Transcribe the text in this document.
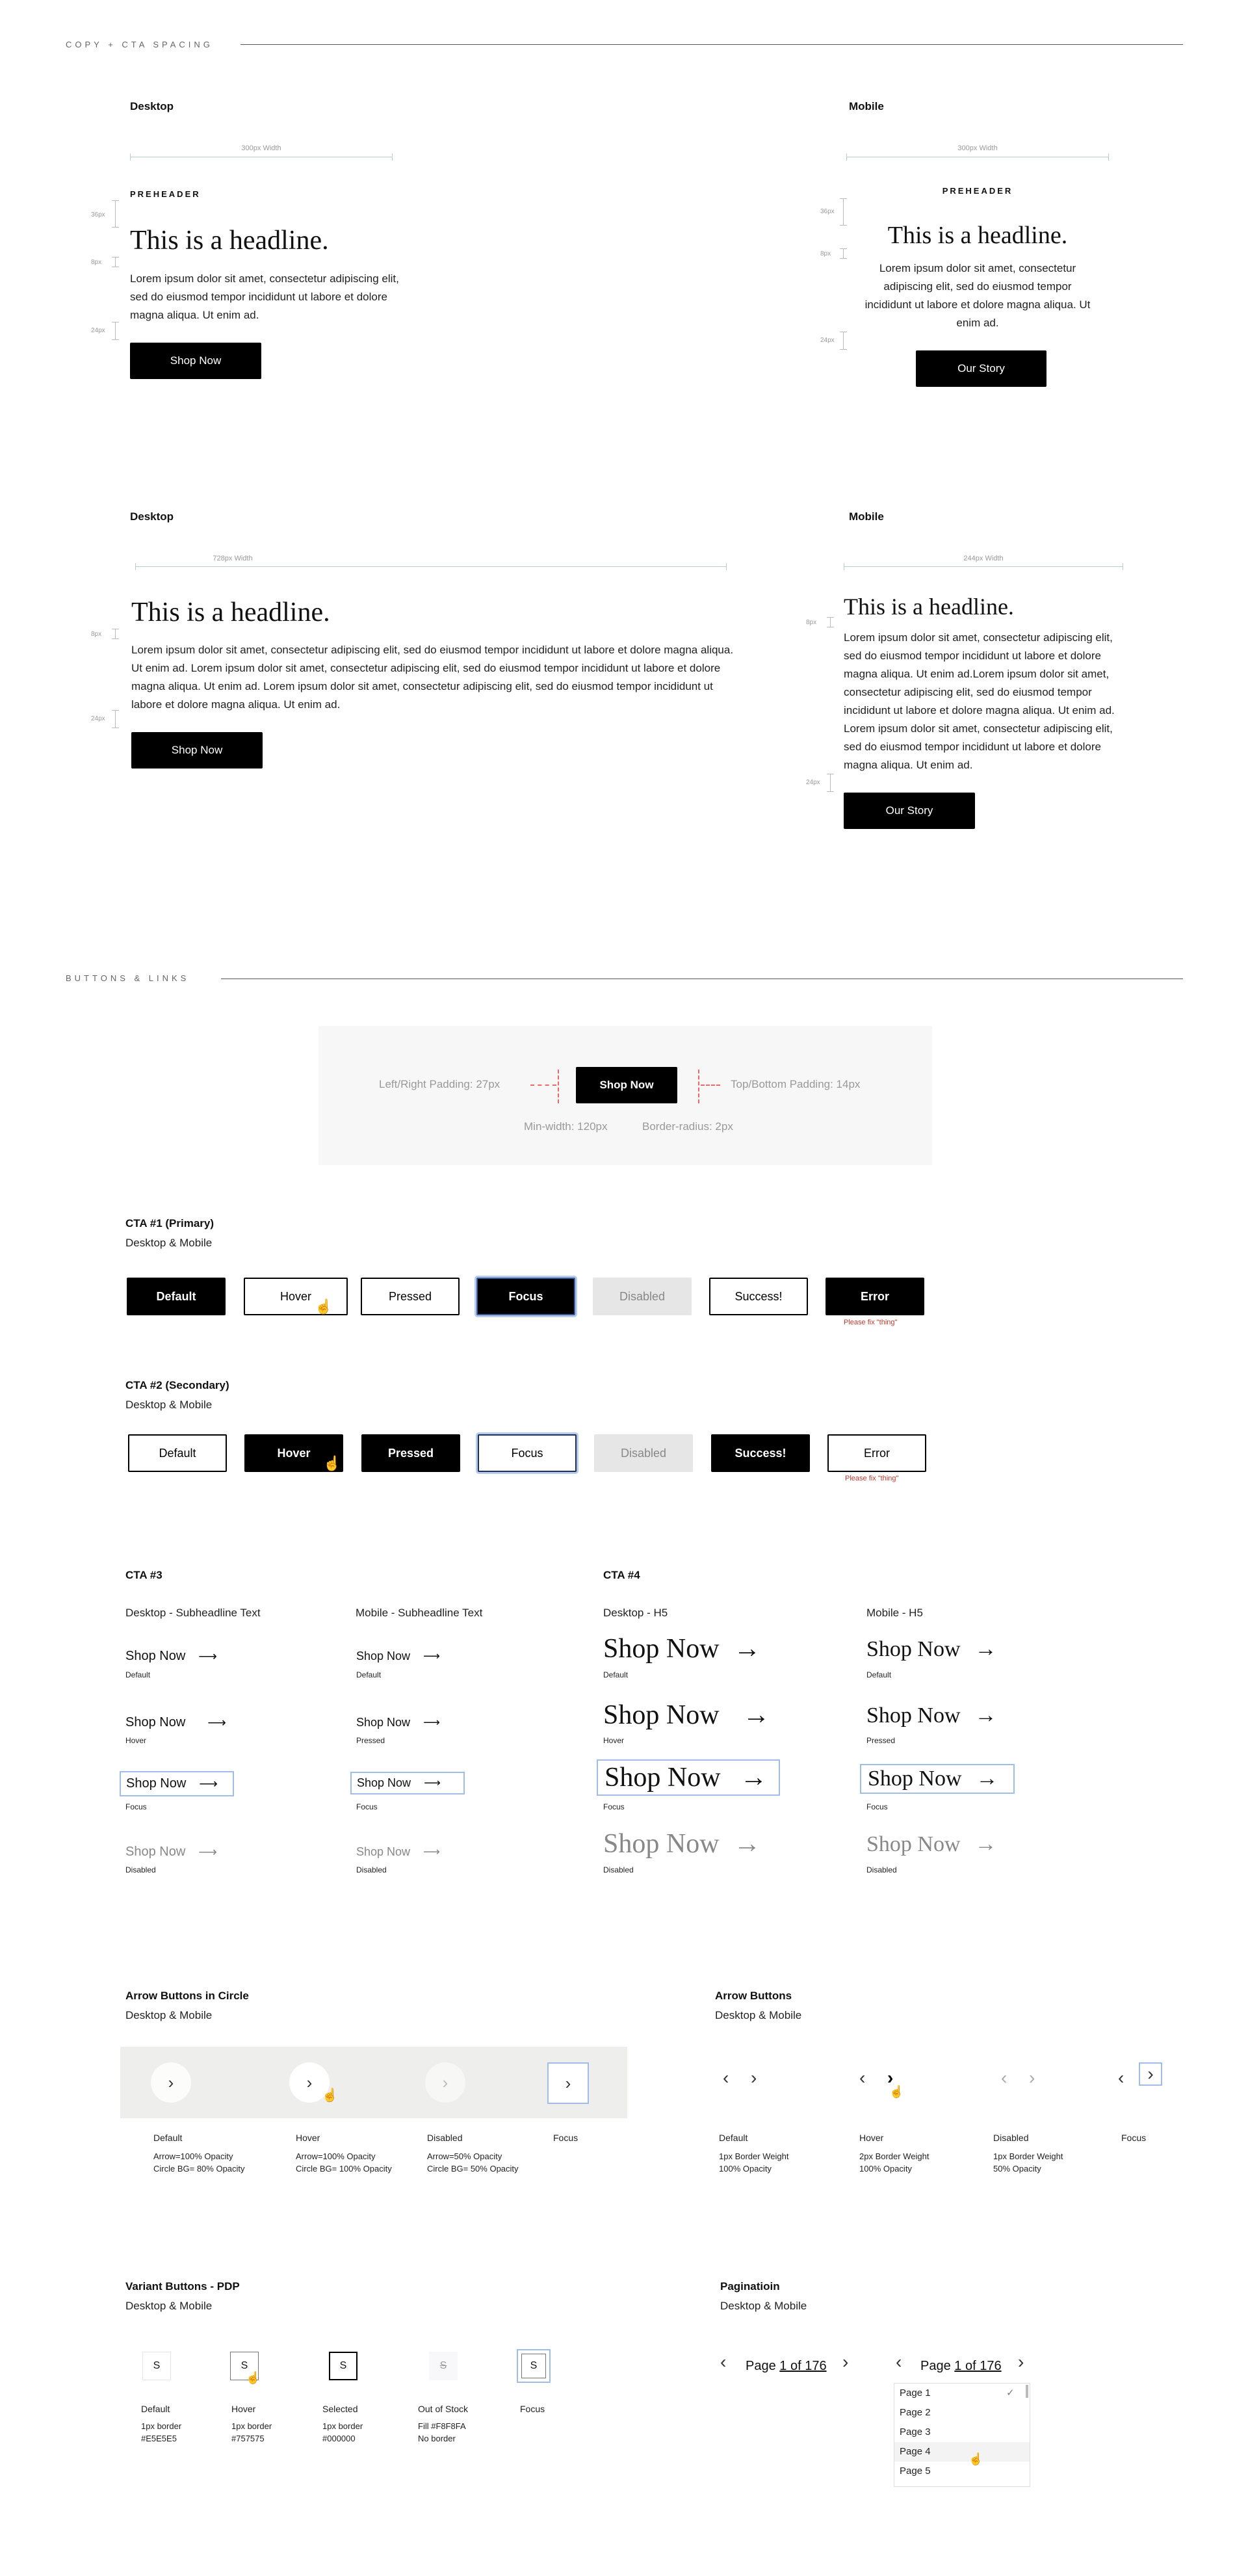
COPY + CTA SPACING
Desktop
300px Width
PREHEADER
36px
This is a headline.
8px
Lorem ipsum dolor sit amet, consectetur adipiscing elit, sed do eiusmod tempor incididunt ut labore et dolore magna aliqua. Ut enim ad.
24px
Shop Now
Mobile
300px Width
PREHEADER
36px
This is a headline.
8px
Lorem ipsum dolor sit amet, consectetur adipiscing elit, sed do eiusmod tempor incididunt ut labore et dolore magna aliqua. Ut enim ad.
24px
Our Story
Desktop
728px Width
This is a headline.
8px
Lorem ipsum dolor sit amet, consectetur adipiscing elit, sed do eiusmod tempor incididunt ut labore et dolore magna aliqua. Ut enim ad. Lorem ipsum dolor sit amet, consectetur adipiscing elit, sed do eiusmod tempor incididunt ut labore et dolore magna aliqua. Ut enim ad. Lorem ipsum dolor sit amet, consectetur adipiscing elit, sed do eiusmod tempor incididunt ut labore et dolore magna aliqua. Ut enim ad.
24px
Shop Now
Mobile
244px Width
This is a headline.
8px
Lorem ipsum dolor sit amet, consectetur adipiscing elit, sed do eiusmod tempor incididunt ut labore et dolore magna aliqua. Ut enim ad.Lorem ipsum dolor sit amet, consectetur adipiscing elit, sed do eiusmod tempor incididunt ut labore et dolore magna aliqua. Ut enim ad. Lorem ipsum dolor sit amet, consectetur adipiscing elit, sed do eiusmod tempor incididunt ut labore et dolore magna aliqua. Ut enim ad.
24px
Our Story
BUTTONS & LINKS
Left/Right Padding: 27px	Shop Now	Top/Bottom Padding: 14px
Min-width: 120px	Border-radius: 2px
CTA #1 (Primary)
Desktop & Mobile
Default	Hover
☝
Pressed	Focus	Disabled	Success!	Error
Please fix "thing"
CTA #2 (Secondary)
Desktop & Mobile
Default	Hover
☝
Pressed	Focus	Disabled	Success!	Error
Please fix "thing"
CTA #3
Desktop - Subheadline Text	Mobile - Subheadline Text
Shop Now ⟶
Default
Shop Now ⟶
Hover
Shop Now ⟶
Focus
Shop Now ⟶
Disabled
Shop Now ⟶
Default
Shop Now ⟶
Pressed
Shop Now ⟶
Focus
Shop Now ⟶
Disabled
CTA #4
Desktop - H5	Mobile - H5
Shop Now →
Default
Shop Now →
Hover
Shop Now →
Focus
Shop Now →
Disabled
Shop Now →
Default
Shop Now →
Pressed
Shop Now →
Focus
Shop Now →
Disabled
Arrow Buttons in Circle
Desktop & Mobile
›	›
☝
›	›
Default	Hover	Disabled	Focus
Arrow=100% Opacity
Circle BG= 80% Opacity
Arrow=100% Opacity
Circle BG= 100% Opacity
Arrow=50% Opacity
Circle BG= 50% Opacity
Arrow Buttons
Desktop & Mobile
‹ ›	‹ ›
☝
‹ ›	‹	›
Default	Hover	Disabled	Focus
1px Border Weight
100% Opacity
2px Border Weight
100% Opacity
1px Border Weight
50% Opacity
Variant Buttons - PDP
Desktop & Mobile
S	S
☝
S	S	S
Default	Hover	Selected	Out of Stock	Focus
1px border
#E5E5E5
1px border
#757575
1px border
#000000
Fill #F8F8FA
No border
Paginatioin
Desktop & Mobile
‹ Page 1 of 176 ›	‹ Page 1 of 176 ›
Page 1	✓
Page 2
Page 3
Page 4
Page 5
☝
